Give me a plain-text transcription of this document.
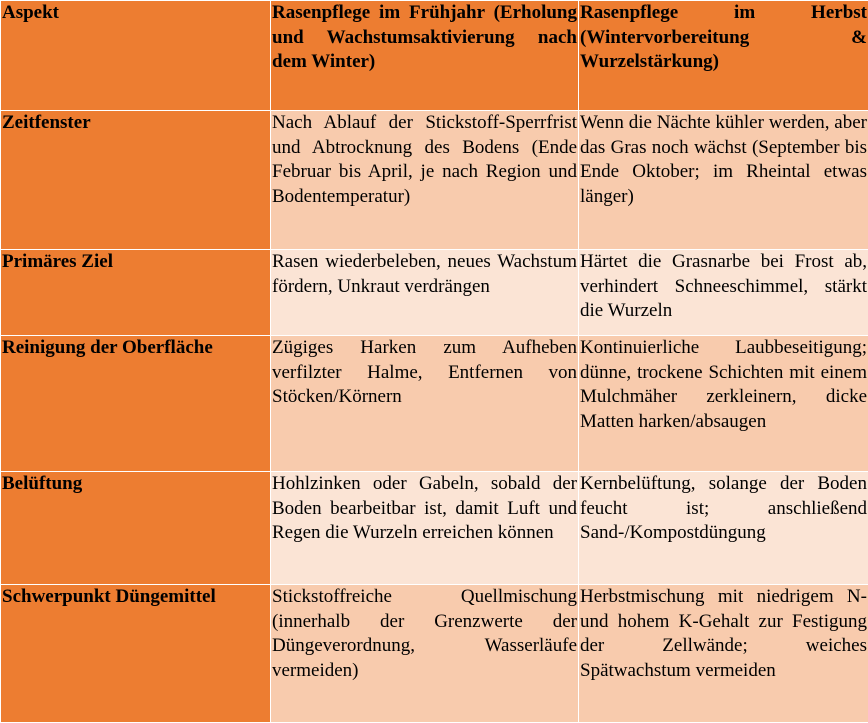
Aspekt	Rasenpflege im Frühjahr (Erholung und Wachstumsaktivierung nach dem Winter)	Rasenpflege im Herbst (Wintervorbereitung & Wurzelstärkung)
Zeitfenster	Nach Ablauf der Stickstoff-Sperrfrist und Abtrocknung des Bodens (Ende Februar bis April, je nach Region und Bodentemperatur)	Wenn die Nächte kühler werden, aber das Gras noch wächst (September bis Ende Oktober; im Rheintal etwas länger)
Primäres Ziel	Rasen wiederbeleben, neues Wachstum fördern, Unkraut verdrängen	Härtet die Grasnarbe bei Frost ab, verhindert Schneeschimmel, stärkt die Wurzeln
Reinigung der Oberfläche	Zügiges Harken zum Aufheben verfilzter Halme, Entfernen von Stöcken/Körnern	Kontinuierliche Laubbeseitigung; dünne, trockene Schichten mit einem Mulchmäher zerkleinern, dicke Matten harken/absaugen
Belüftung	Hohlzinken oder Gabeln, sobald der Boden bearbeitbar ist, damit Luft und Regen die Wurzeln erreichen können	Kernbelüftung, solange der Boden feucht ist; anschließend Sand-/Kompostdüngung
Schwerpunkt Düngemittel	Stickstoffreiche Quellmischung (innerhalb der Grenzwerte der Düngeverordnung, Wasserläufe vermeiden)	Herbstmischung mit niedrigem N- und hohem K-Gehalt zur Festigung der Zellwände; weiches Spätwachstum vermeiden
